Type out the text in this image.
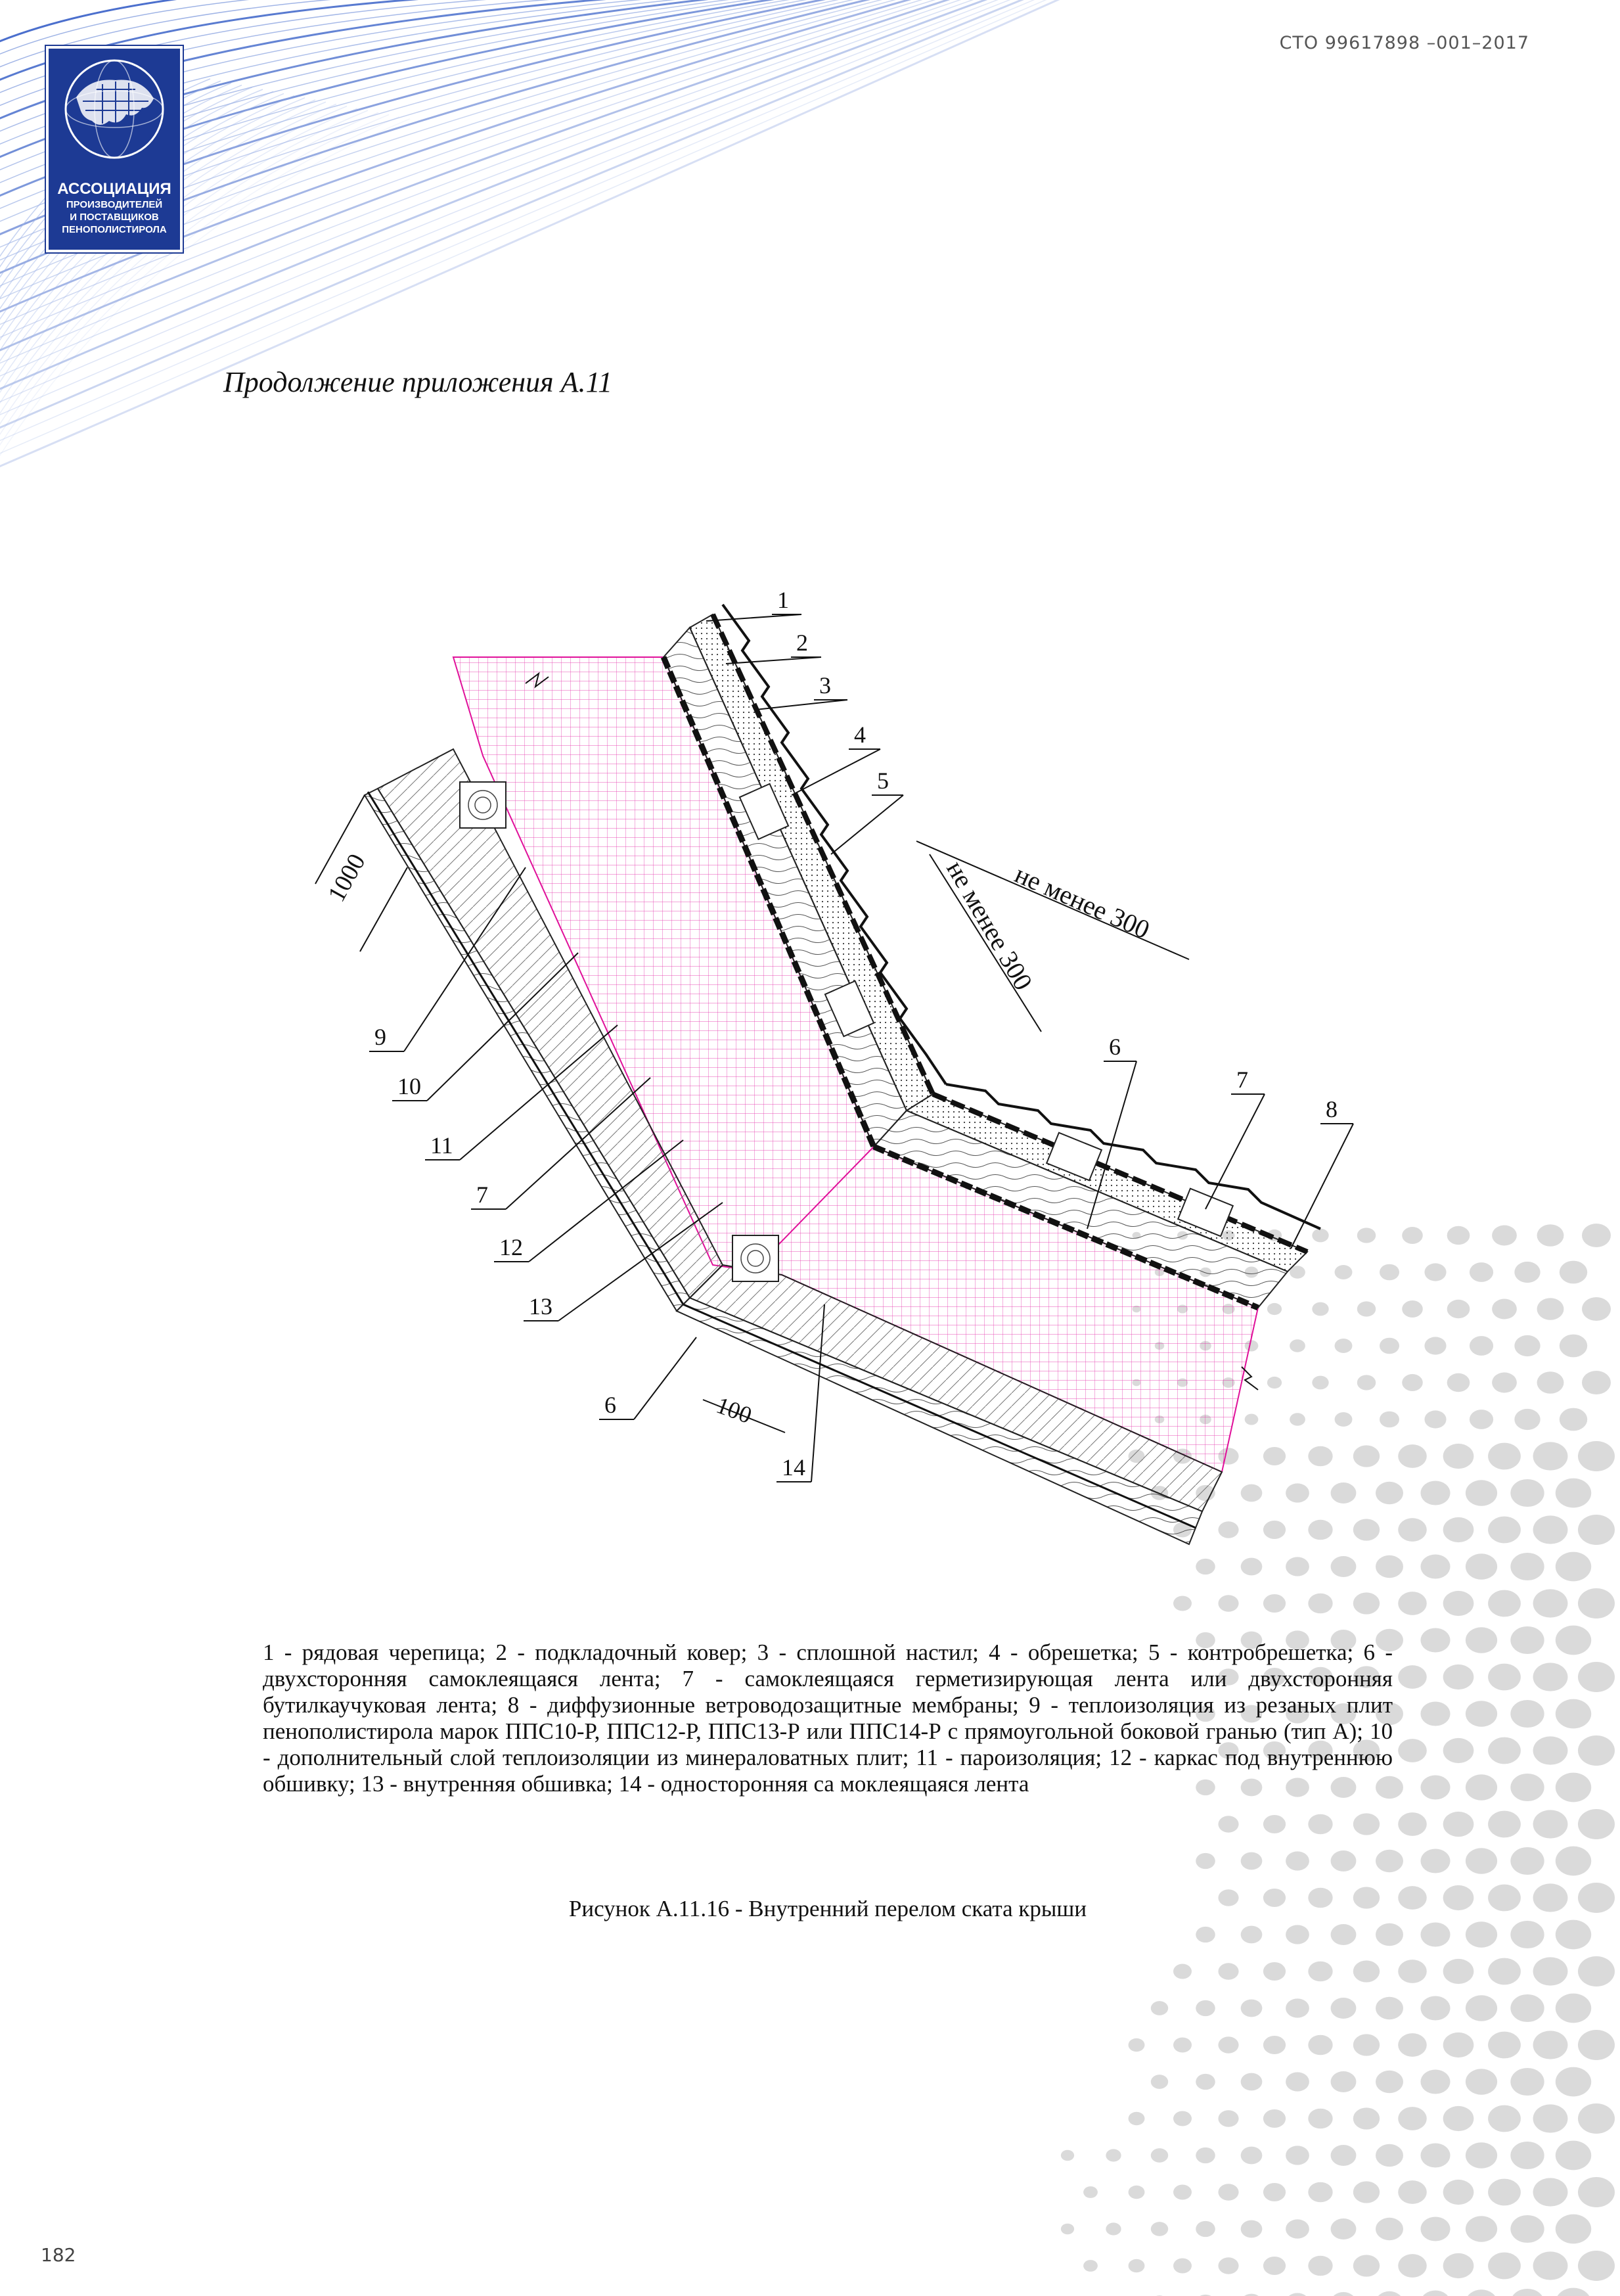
АССОЦИАЦИЯ
ПРОИЗВОДИТЕЛЕЙ
И ПОСТАВЩИКОВ
ПЕНОПОЛИСТИРОЛА
СТО 99617898 –001–2017
Продолжение приложения А.11
1000
100
не менее 300
не менее 300
1
2
3
4
5
6
7
8
9
10
11
7
12
13
6
14
1 - рядовая черепица; 2 - подкладочный ковер; 3 - сплошной настил; 4 - обрешетка; 5 - контробрешетка; 6 - двухсторонняя самоклеящаяся лента; 7 - самоклеящаяся герметизирующая лента или двухсторонняя бутилкаучуковая лента; 8 - диффузионные ветроводозащитные мембраны; 9 - теплоизоляция из резаных плит пенополистирола марок ППС10-Р, ППС12-Р, ППС13-Р или ППС14-Р с прямоугольной боковой гранью (тип А); 10 - дополнительный слой теплоизоляции из минераловатных плит; 11 - пароизоляция; 12 - каркас под внутреннюю обшивку; 13 - внутренняя обшивка; 14 - односторонняя са моклеящаяся лента
Рисунок А.11.16 - Внутренний перелом ската крыши
182
